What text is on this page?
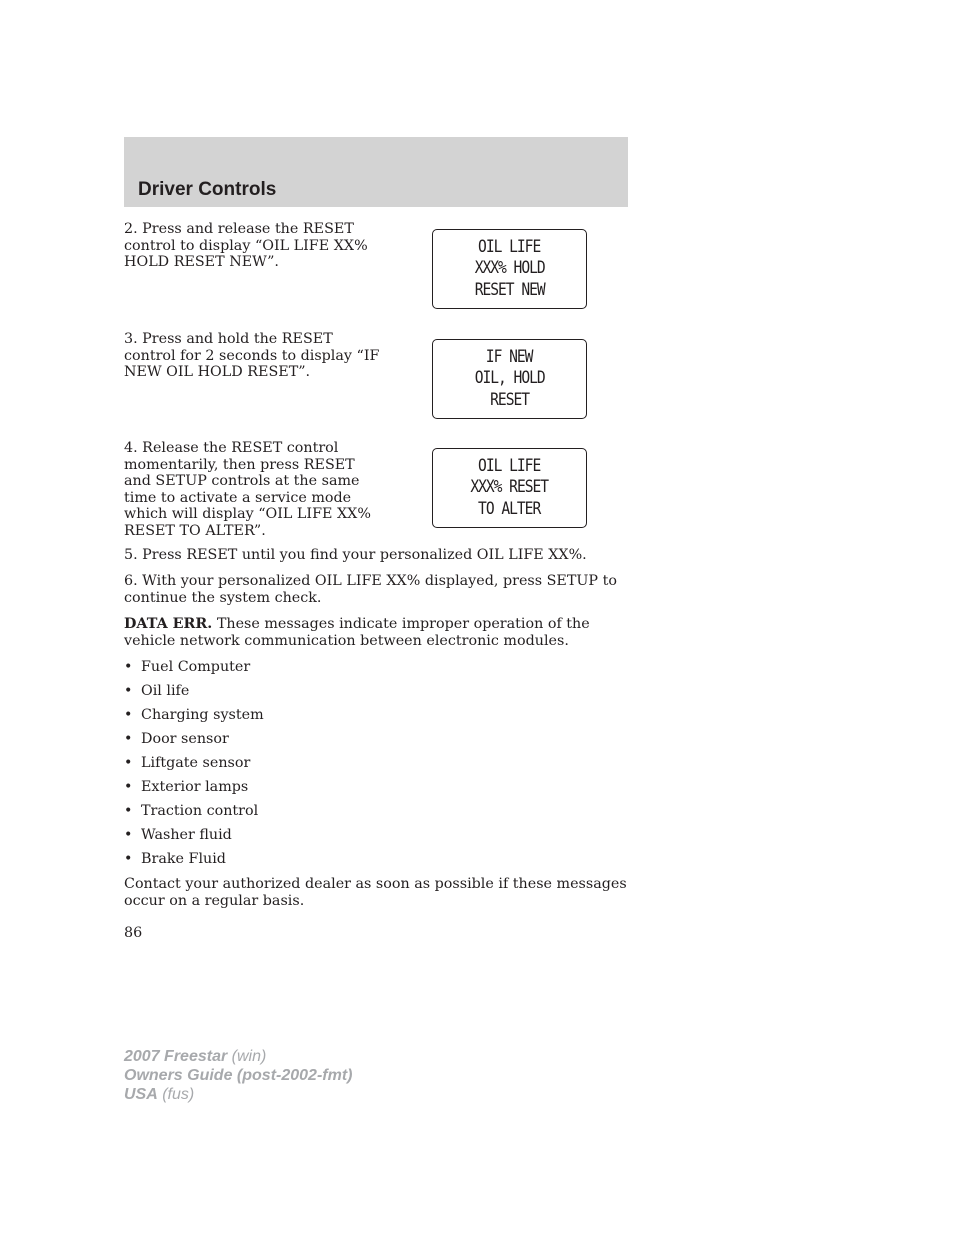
Driver Controls
2. Press and release the RESET control to display “OIL LIFE XX% HOLD RESET NEW”.
OIL LIFE
XXX% HOLD
RESET NEW
3. Press and hold the RESET control for 2 seconds to display “IF NEW OIL HOLD RESET”.
IF NEW
OIL, HOLD
RESET
4. Release the RESET control momentarily, then press RESET and SETUP controls at the same time to activate a service mode which will display “OIL LIFE XX% RESET TO ALTER”.
OIL LIFE
XXX% RESET
TO ALTER
5. Press RESET until you find your personalized OIL LIFE XX%.
6. With your personalized OIL LIFE XX% displayed, press SETUP to continue the system check.
DATA ERR. These messages indicate improper operation of the vehicle network communication between electronic modules.
• Fuel Computer
• Oil life
• Charging system
• Door sensor
• Liftgate sensor
• Exterior lamps
• Traction control
• Washer fluid
• Brake Fluid
Contact your authorized dealer as soon as possible if these messages occur on a regular basis.
86
2007 Freestar (win)
Owners Guide (post-2002-fmt)
USA (fus)
